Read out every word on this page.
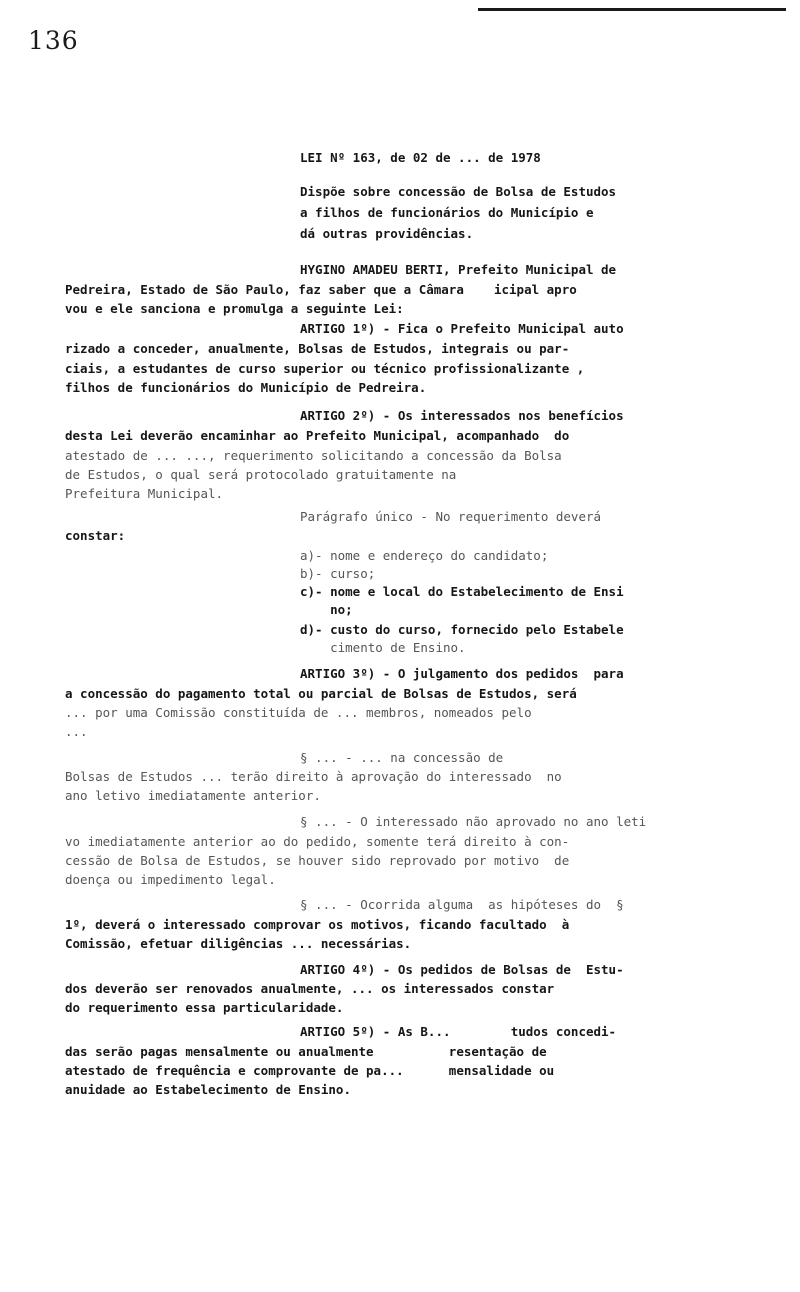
136
LEI Nº 163, de 02 de ... de 1978
Dispõe sobre concessão de Bolsa de Estudos
a filhos de funcionários do Município e
dá outras providências.
HYGINO AMADEU BERTI, Prefeito Municipal de
Pedreira, Estado de São Paulo, faz saber que a Câmara    icipal apro
vou e ele sanciona e promulga a seguinte Lei:
ARTIGO 1º) - Fica o Prefeito Municipal auto
rizado a conceder, anualmente, Bolsas de Estudos, integrais ou par-
ciais, a estudantes de curso superior ou técnico profissionalizante ,
filhos de funcionários do Município de Pedreira.
ARTIGO 2º) - Os interessados nos benefícios
desta Lei deverão encaminhar ao Prefeito Municipal, acompanhado  do
atestado de ... ..., requerimento solicitando a concessão da Bolsa
de Estudos, o qual será protocolado gratuitamente na
Prefeitura Municipal.
Parágrafo único - No requerimento deverá
constar:
a)- nome e endereço do candidato;
b)- curso;
c)- nome e local do Estabelecimento de Ensi
no;
d)- custo do curso, fornecido pelo Estabele
cimento de Ensino.
ARTIGO 3º) - O julgamento dos pedidos  para
a concessão do pagamento total ou parcial de Bolsas de Estudos, será
... por uma Comissão constituída de ... membros, nomeados pelo
...
§ ... - ... na concessão de
Bolsas de Estudos ... terão direito à aprovação do interessado  no
ano letivo imediatamente anterior.
§ ... - O interessado não aprovado no ano leti
vo imediatamente anterior ao do pedido, somente terá direito à con-
cessão de Bolsa de Estudos, se houver sido reprovado por motivo  de
doença ou impedimento legal.
§ ... - Ocorrida alguma  as hipóteses do  §
1º, deverá o interessado comprovar os motivos, ficando facultado  à
Comissão, efetuar diligências ... necessárias.
ARTIGO 4º) - Os pedidos de Bolsas de  Estu-
dos deverão ser renovados anualmente, ... os interessados constar
do requerimento essa particularidade.
ARTIGO 5º) - As B...        tudos concedi-
das serão pagas mensalmente ou anualmente          resentação de
atestado de frequência e comprovante de pa...      mensalidade ou
anuidade ao Estabelecimento de Ensino.
